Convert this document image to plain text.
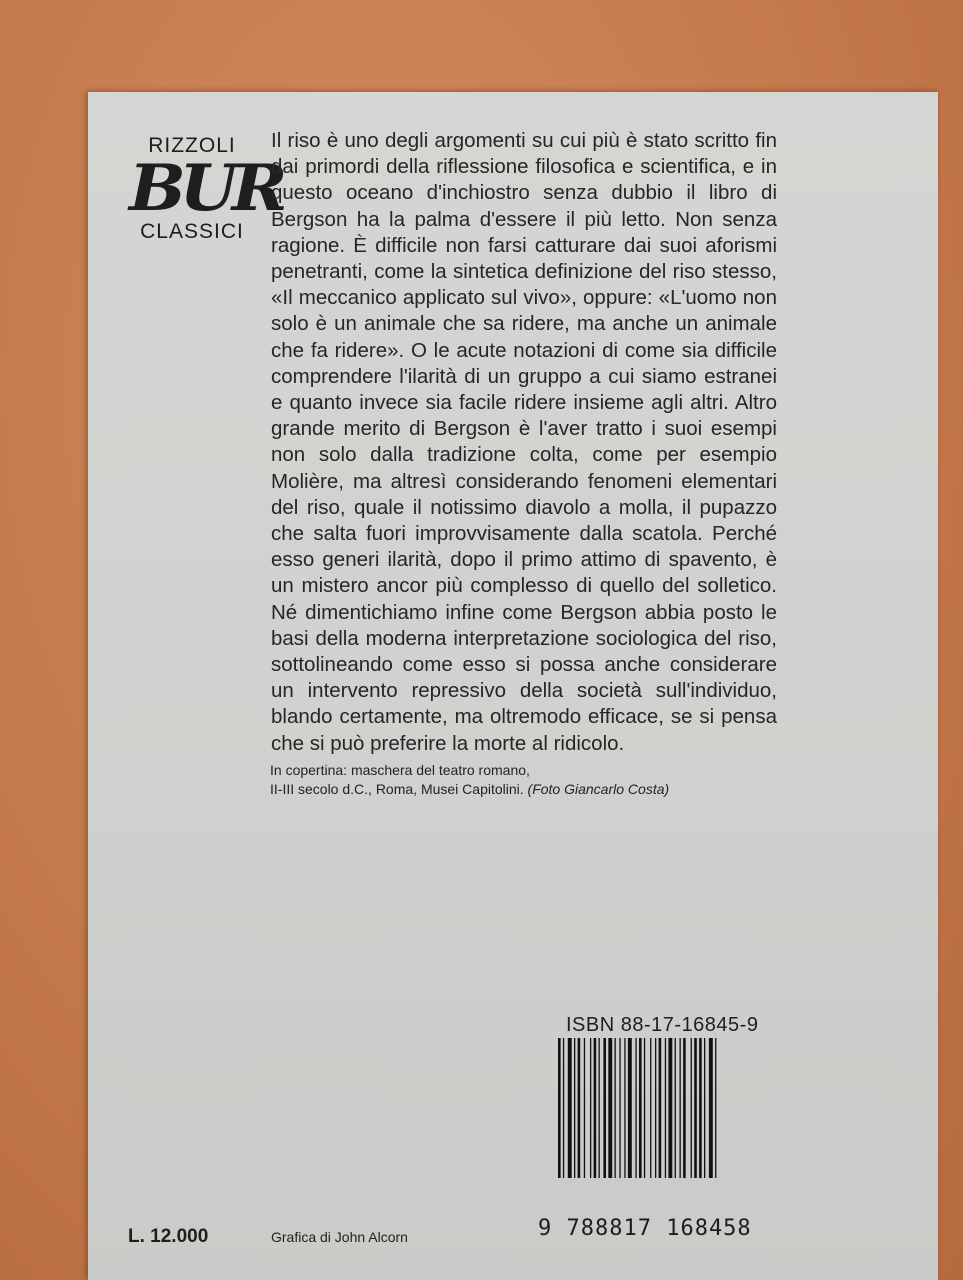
RIZZOLI
BUR
CLASSICI

Il riso è uno degli argomenti su cui più è stato scritto fin dai primordi della riflessione filosofica e scientifica, e in questo oceano d'inchiostro senza dubbio il libro di Bergson ha la palma d'essere il più letto. Non senza ragione. È difficile non farsi catturare dai suoi aforismi penetranti, come la sintetica definizione del riso stesso, «Il meccanico applicato sul vivo», oppure: «L'uomo non solo è un animale che sa ridere, ma anche un animale che fa ridere». O le acute notazioni di come sia difficile comprendere l'ilarità di un gruppo a cui siamo estranei e quanto invece sia facile ridere insieme agli altri. Altro grande merito di Bergson è l'aver tratto i suoi esempi non solo dalla tradizione colta, come per esempio Molière, ma altresì considerando fenomeni elementari del riso, quale il notissimo diavolo a molla, il pupazzo che salta fuori improvvisamente dalla scatola. Perché esso generi ilarità, dopo il primo attimo di spavento, è un mistero ancor più complesso di quello del solletico. Né dimentichiamo infine come Bergson abbia posto le basi della moderna interpretazione sociologica del riso, sottolineando come esso si possa anche considerare un intervento repressivo della società sull'individuo, blando certamente, ma oltremodo efficace, se si pensa che si può preferire la morte al ridicolo.

In copertina: maschera del teatro romano,
II-III secolo d.C., Roma, Musei Capitolini. (Foto Giancarlo Costa)
ISBN 88-17-16845-9
9 788817 168458
L. 12.000	Grafica di John Alcorn
